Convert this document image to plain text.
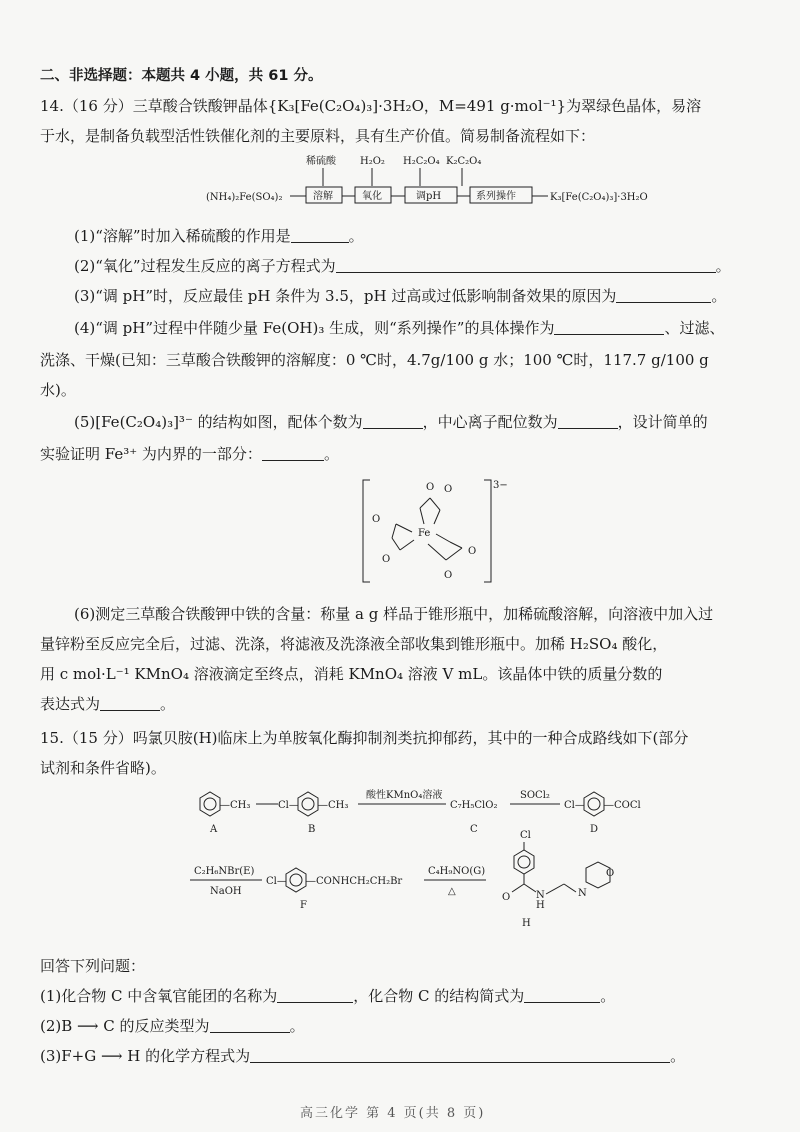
二、非选择题：本题共 4 小题，共 61 分。
14.（16 分）三草酸合铁酸钾晶体{K₃[Fe(C₂O₄)₃]·3H₂O，M=491 g·mol⁻¹}为翠绿色晶体，易溶
于水，是制备负载型活性铁催化剂的主要原料，具有生产价值。简易制备流程如下：
稀硫酸 H₂O₂ H₂C₂O₄ K₂C₂O₄
(NH₄)₂Fe(SO₄)₂	溶解	氧化	调pH	系列操作	K₃[Fe(C₂O₄)₃]·3H₂O
(1)“溶解”时加入稀硫酸的作用是	。
(2)“氧化”过程发生反应的离子方程式为	。
(3)“调 pH”时，反应最佳 pH 条件为 3.5，pH 过高或过低影响制备效果的原因为	。
(4)“调 pH”过程中伴随少量 Fe(OH)₃ 生成，则“系列操作”的具体操作为	、过滤、
洗涤、干燥(已知：三草酸合铁酸钾的溶解度：0 ℃时，4.7g/100 g 水；100 ℃时，117.7 g/100 g
水)。
(5)[Fe(C₂O₄)₃]³⁻ 的结构如图，配体个数为	，中心离子配位数为	，设计简单的
实验证明 Fe³⁺ 为内界的一部分：	。
3−
Fe
O O
O
O
O
O
(6)测定三草酸合铁酸钾中铁的含量：称量 a g 样品于锥形瓶中，加稀硫酸溶解，向溶液中加入过
量锌粉至反应完全后，过滤、洗涤，将滤液及洗涤液全部收集到锥形瓶中。加稀 H₂SO₄ 酸化，
用 c mol·L⁻¹ KMnO₄ 溶液滴定至终点，消耗 KMnO₄ 溶液 V mL。该晶体中铁的质量分数的
表达式为	。
15.（15 分）吗氯贝胺(H)临床上为单胺氧化酶抑制剂类抗抑郁药，其中的一种合成路线如下(部分
试剂和条件省略)。
—CH₃
A
Cl— —CH₃
B
酸性KMnO₄溶液
C₇H₅ClO₂
C
SOCl₂
Cl— —COCl
D
C₂H₆NBr(E)
NaOH
Cl— —CONHCH₂CH₂Br
F
C₄H₉NO(G)
△
Cl
O	N
H
N
O
H
回答下列问题：
(1)化合物 C 中含氧官能团的名称为	，化合物 C 的结构简式为	。
(2)B ⟶ C 的反应类型为	。
(3)F+G ⟶ H 的化学方程式为	。
高三化学 第 4 页(共 8 页)
